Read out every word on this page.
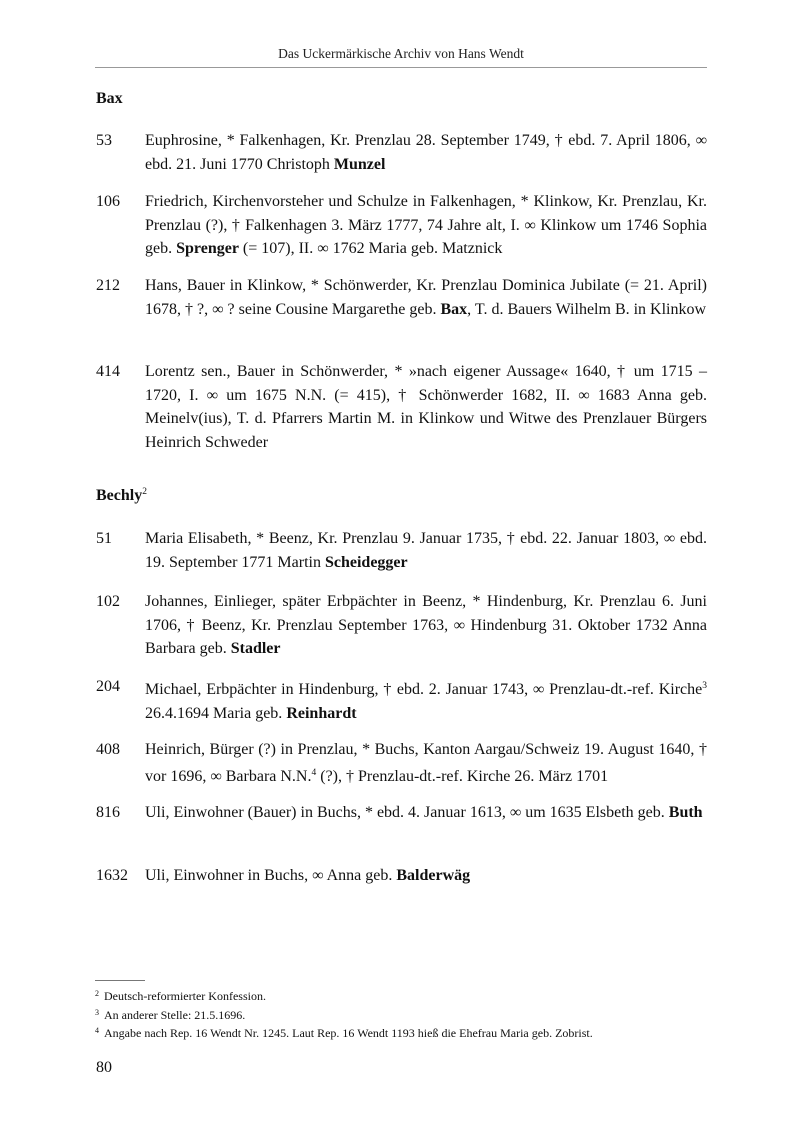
Das Uckermärkische Archiv von Hans Wendt
Bax
53	Euphrosine, * Falkenhagen, Kr. Prenzlau 28. September 1749, † ebd. 7. April 1806, ∞ ebd. 21. Juni 1770 Christoph Munzel
106	Friedrich, Kirchenvorsteher und Schulze in Falkenhagen, * Klinkow, Kr. Prenzlau, Kr. Prenzlau (?), † Falkenhagen 3. März 1777, 74 Jahre alt, I. ∞ Klinkow um 1746 Sophia geb. Sprenger (= 107), II. ∞ 1762 Maria geb. Matznick
212	Hans, Bauer in Klinkow, * Schönwerder, Kr. Prenzlau Dominica Jubilate (= 21. April) 1678, † ?, ∞ ? seine Cousine Margarethe geb. Bax, T. d. Bauers Wilhelm B. in Klinkow
414	Lorentz sen., Bauer in Schönwerder, * »nach eigener Aussage« 1640, † um 1715 – 1720, I. ∞ um 1675 N.N. (= 415), † Schönwerder 1682, II. ∞ 1683 Anna geb. Meinelv(ius), T. d. Pfarrers Martin M. in Klinkow und Witwe des Prenzlauer Bürgers Heinrich Schweder
Bechly$^2$
51	Maria Elisabeth, * Beenz, Kr. Prenzlau 9. Januar 1735, † ebd. 22. Januar 1803, ∞ ebd. 19. September 1771 Martin Scheidegger
102	Johannes, Einlieger, später Erbpächter in Beenz, * Hindenburg, Kr. Prenzlau 6. Juni 1706, † Beenz, Kr. Prenzlau September 1763, ∞ Hindenburg 31. Oktober 1732 Anna Barbara geb. Stadler
204	Michael, Erbpächter in Hindenburg, † ebd. 2. Januar 1743, ∞ Prenzlau-dt.-ref. Kirche$^3$ 26.4.1694 Maria geb. Reinhardt
408	Heinrich, Bürger (?) in Prenzlau, * Buchs, Kanton Aargau/Schweiz 19. August 1640, † vor 1696, ∞ Barbara N.N.$^4$ (?), † Prenzlau-dt.-ref. Kirche 26. März 1701
816	Uli, Einwohner (Bauer) in Buchs, * ebd. 4. Januar 1613, ∞ um 1635 Elsbeth geb. Buth
1632	Uli, Einwohner in Buchs, ∞ Anna geb. Balderwäg
$^2$ Deutsch-reformierter Konfession.
$^3$ An anderer Stelle: 21.5.1696.
$^4$ Angabe nach Rep. 16 Wendt Nr. 1245. Laut Rep. 16 Wendt 1193 hieß die Ehefrau Maria geb. Zobrist.
80
